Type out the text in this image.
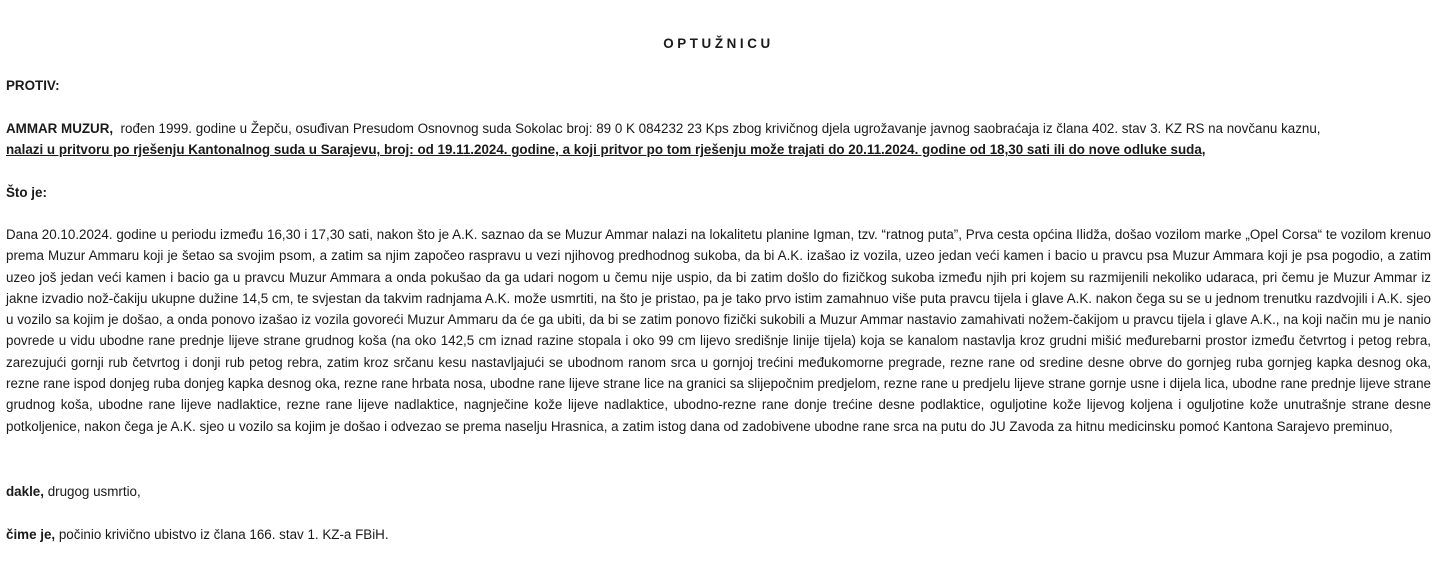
OPTUŽNICU

PROTIV:

AMMAR MUZUR,  rođen 1999. godine u Žepču, osuđivan Presudom Osnovnog suda Sokolac broj: 89 0 K 084232 23 Kps zbog krivičnog djela ugrožavanje javnog saobraćaja iz člana 402. stav 3. KZ RS na novčanu kaznu,
nalazi u pritvoru po rješenju Kantonalnog suda u Sarajevu, broj: od 19.11.2024. godine, a koji pritvor po tom rješenju može trajati do 20.11.2024. godine od 18,30 sati ili do nove odluke suda,

Što je:

Dana 20.10.2024. godine u periodu između 16,30 i 17,30 sati, nakon što je A.K. saznao da se Muzur Ammar nalazi na lokalitetu planine Igman, tzv. “ratnog puta”, Prva cesta općina Ilidža, došao vozilom marke „Opel Corsa“ te vozilom krenuo prema Muzur Ammaru koji je šetao sa svojim psom, a zatim sa njim započeo raspravu u vezi njihovog predhodnog sukoba, da bi A.K. izašao iz vozila, uzeo jedan veći kamen i bacio u pravcu psa Muzur Ammara koji je psa pogodio, a zatim uzeo još jedan veći kamen i bacio ga u pravcu Muzur Ammara a onda pokušao da ga udari nogom u čemu nije uspio, da bi zatim došlo do fizičkog sukoba između njih pri kojem su razmijenili nekoliko udaraca, pri čemu je Muzur Ammar iz jakne izvadio nož-čakiju ukupne dužine 14,5 cm, te svjestan da takvim radnjama A.K. može usmrtiti, na što je pristao, pa je tako prvo istim zamahnuo više puta pravcu tijela i glave A.K. nakon čega su se u jednom trenutku razdvojili i A.K. sjeo u vozilo sa kojim je došao, a onda ponovo izašao iz vozila govoreći Muzur Ammaru da će ga ubiti, da bi se zatim ponovo fizički sukobili a Muzur Ammar nastavio zamahivati nožem-čakijom u pravcu tijela i glave A.K., na koji način mu je nanio povrede u vidu ubodne rane prednje lijeve strane grudnog koša (na oko 142,5 cm iznad razine stopala i oko 99 cm lijevo središnje linije tijela) koja se kanalom nastavlja kroz grudni mišić međurebarni prostor između četvrtog i petog rebra, zarezujući gornji rub četvrtog i donji rub petog rebra, zatim kroz srčanu kesu nastavljajući se ubodnom ranom srca u gornjoj trećini međukomorne pregrade, rezne rane od sredine desne obrve do gornjeg ruba gornjeg kapka desnog oka, rezne rane ispod donjeg ruba donjeg kapka desnog oka, rezne rane hrbata nosa, ubodne rane lijeve strane lice na granici sa slijepočnim predjelom, rezne rane u predjelu lijeve strane gornje usne i dijela lica, ubodne rane prednje lijeve strane grudnog koša, ubodne rane lijeve nadlaktice, rezne rane lijeve nadlaktice, nagnječine kože lijeve nadlaktice, ubodno-rezne rane donje trećine desne podlaktice, oguljotine kože lijevog koljena i oguljotine kože unutrašnje strane desne potkoljenice, nakon čega je A.K. sjeo u vozilo sa kojim je došao i odvezao se prema naselju Hrasnica, a zatim istog dana od zadobivene ubodne rane srca na putu do JU Zavoda za hitnu medicinsku pomoć Kantona Sarajevo preminuo,

dakle, drugog usmrtio,

čime je, počinio krivično ubistvo iz člana 166. stav 1. KZ-a FBiH.
